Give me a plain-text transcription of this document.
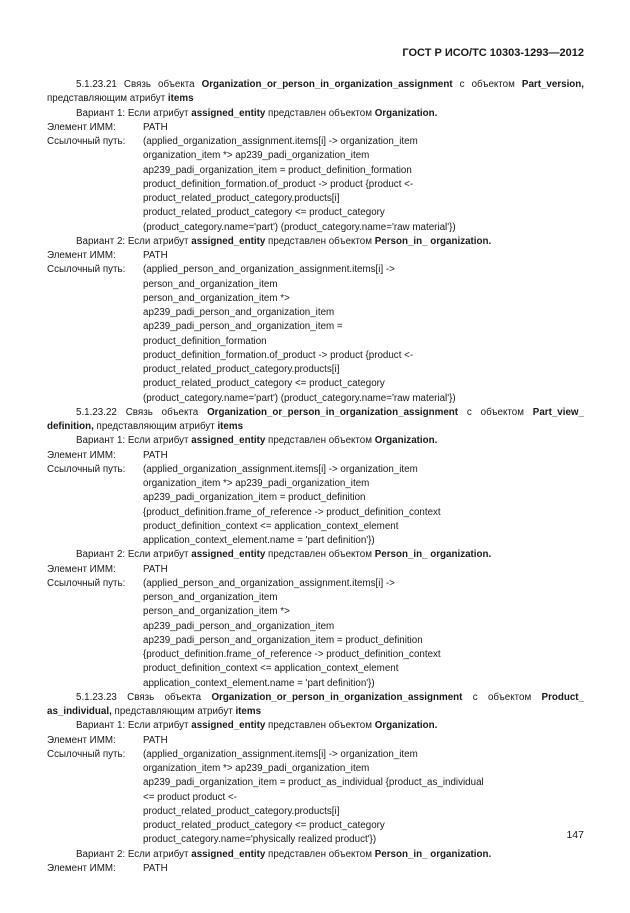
ГОСТ Р ИСО/ТС 10303-1293—2012
5.1.23.21 Связь объекта Organization_or_person_in_organization_assignment с объектом Part_version, представляющим атрибут items
Вариант 1: Если атрибут assigned_entity представлен объектом Organization.
Элемент ИММ:	PATH
Ссылочный путь:	(applied_organization_assignment.items[i] -> organization_item
organization_item *> ap239_padi_organization_item
ap239_padi_organization_item = product_definition_formation
product_definition_formation.of_product -> product {product <-
product_related_product_category.products[i]
product_related_product_category <= product_category
(product_category.name='part') (product_category.name='raw material'})
Вариант 2: Если атрибут assigned_entity представлен объектом Person_in_ organization.
Элемент ИММ:	PATH
Ссылочный путь:	(applied_person_and_organization_assignment.items[i] ->
person_and_organization_item
person_and_organization_item *>
ap239_padi_person_and_organization_item
ap239_padi_person_and_organization_item =
product_definition_formation
product_definition_formation.of_product -> product {product <-
product_related_product_category.products[i]
product_related_product_category <= product_category
(product_category.name='part') (product_category.name='raw material'})
5.1.23.22 Связь объекта Organization_or_person_in_organization_assignment с объектом Part_view_ definition, представляющим атрибут items
Вариант 1: Если атрибут assigned_entity представлен объектом Organization.
Элемент ИММ:	PATH
Ссылочный путь:	(applied_organization_assignment.items[i] -> organization_item
organization_item *> ap239_padi_organization_item
ap239_padi_organization_item = product_definition
{product_definition.frame_of_reference -> product_definition_context
product_definition_context <= application_context_element
application_context_element.name = 'part definition'})
Вариант 2: Если атрибут assigned_entity представлен объектом Person_in_ organization.
Элемент ИММ:	PATH
Ссылочный путь:	(applied_person_and_organization_assignment.items[i] ->
person_and_organization_item
person_and_organization_item *>
ap239_padi_person_and_organization_item
ap239_padi_person_and_organization_item = product_definition
{product_definition.frame_of_reference -> product_definition_context
product_definition_context <= application_context_element
application_context_element.name = 'part definition'})
5.1.23.23 Связь объекта Organization_or_person_in_organization_assignment с объектом Product_ as_individual, представляющим атрибут items
Вариант 1: Если атрибут assigned_entity представлен объектом Organization.
Элемент ИММ:	PATH
Ссылочный путь:	(applied_organization_assignment.items[i] -> organization_item
organization_item *> ap239_padi_organization_item
ap239_padi_organization_item = product_as_individual {product_as_individual
<= product product <-
product_related_product_category.products[i]
product_related_product_category <= product_category
product_category.name='physically realized product'})
Вариант 2: Если атрибут assigned_entity представлен объектом Person_in_ organization.
Элемент ИММ:	PATH
147
